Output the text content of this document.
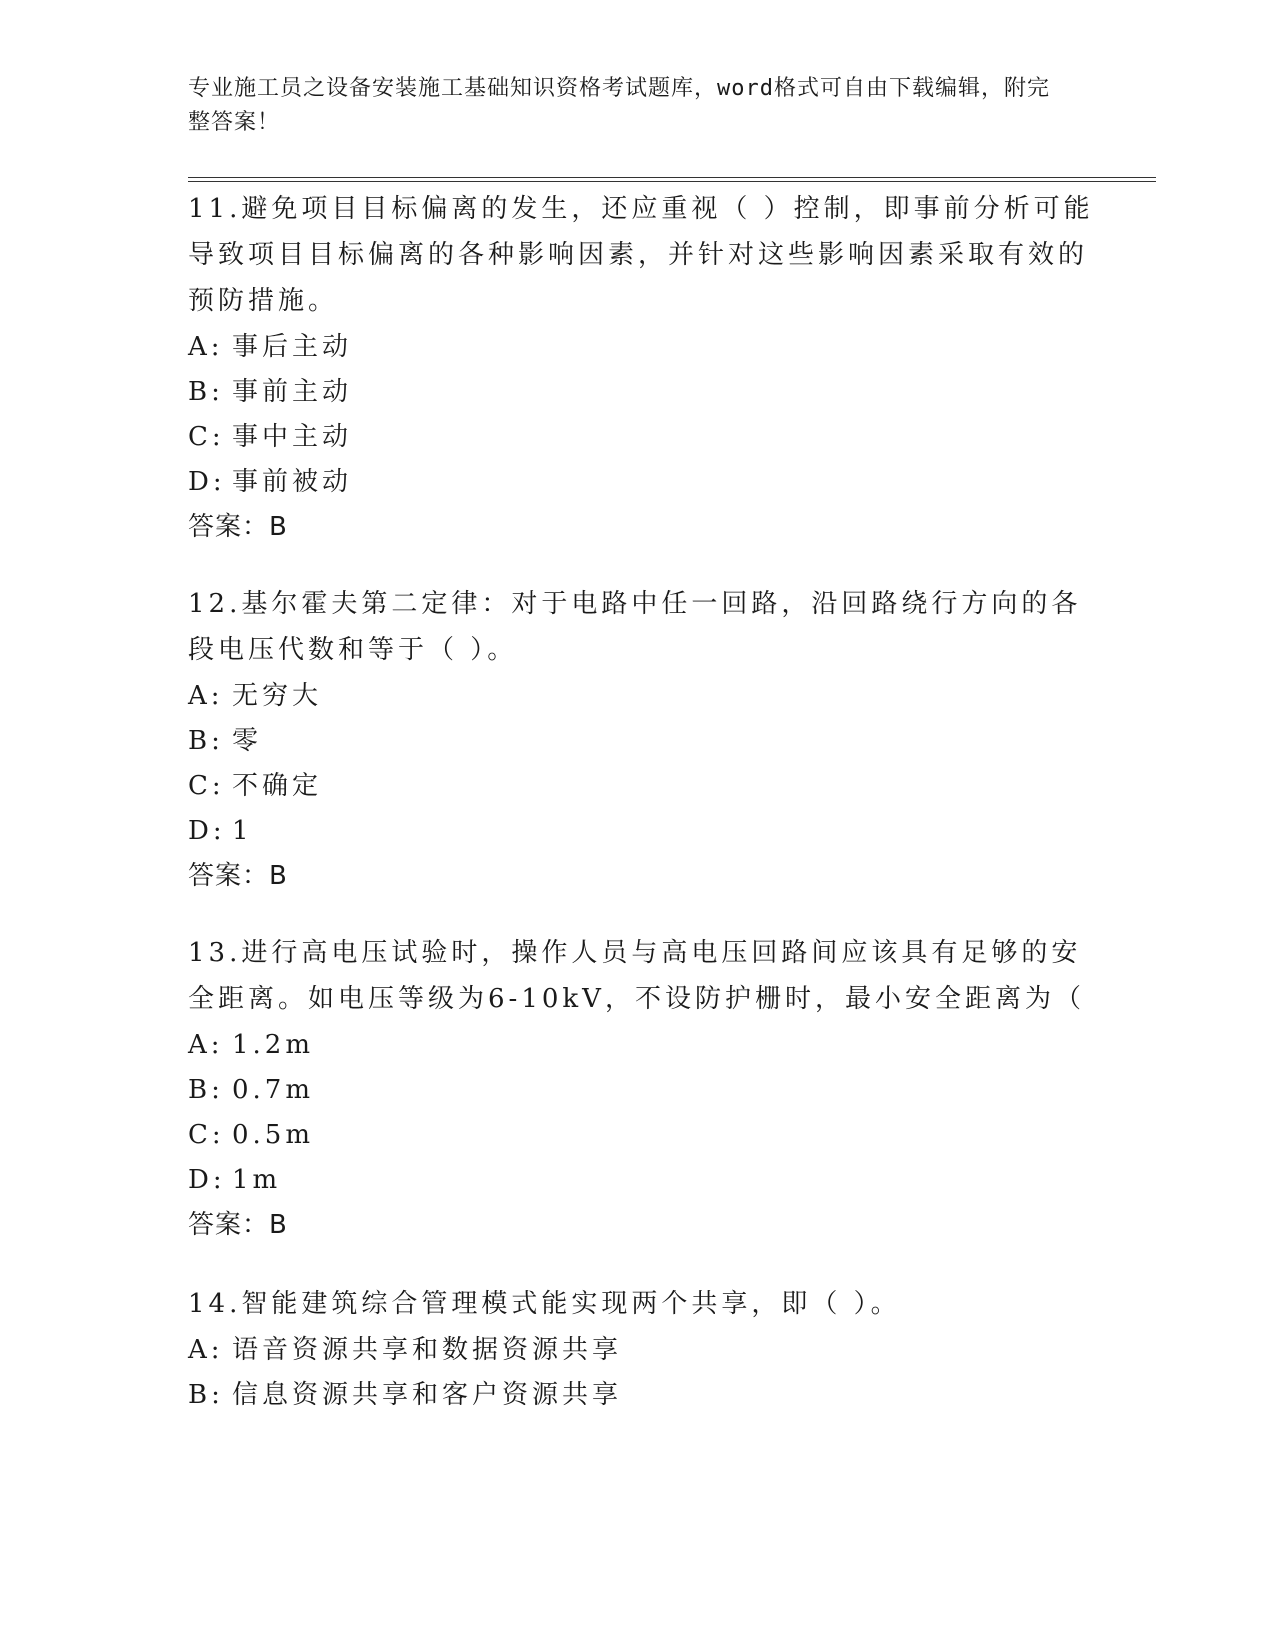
专业施工员之设备安装施工基础知识资格考试题库，word格式可自由下载编辑，附完整答案！
11.避免项目目标偏离的发生，还应重视（ ）控制，即事前分析可能导致项目目标偏离的各种影响因素，并针对这些影响因素采取有效的预防措施。
A: 事后主动
B: 事前主动
C: 事中主动
D: 事前被动
答案：B
12.基尔霍夫第二定律：对于电路中任一回路，沿回路绕行方向的各段电压代数和等于（ ）。
A: 无穷大
B: 零
C: 不确定
D: 1
答案：B
13.进行高电压试验时，操作人员与高电压回路间应该具有足够的安全距离。如电压等级为6-10kV，不设防护栅时，最小安全距离为（
A: 1.2m
B: 0.7m
C: 0.5m
D: 1m
答案：B
14.智能建筑综合管理模式能实现两个共享，即（ ）。
A: 语音资源共享和数据资源共享
B: 信息资源共享和客户资源共享
